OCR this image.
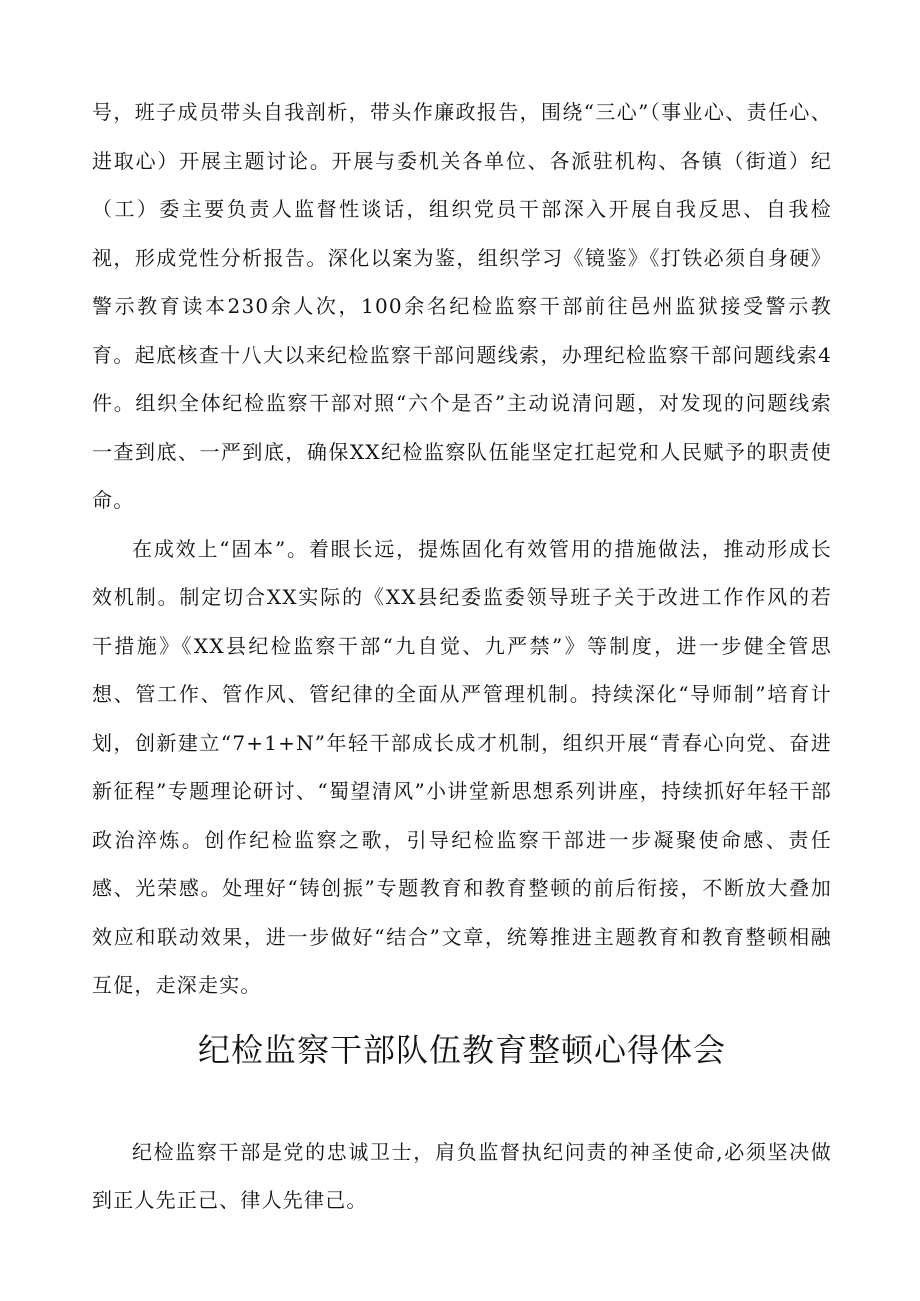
号，班子成员带头自我剖析，带头作廉政报告，围绕“三心”（事业心、责任心、进取心）开展主题讨论。开展与委机关各单位、各派驻机构、各镇（街道）纪（工）委主要负责人监督性谈话，组织党员干部深入开展自我反思、自我检视，形成党性分析报告。深化以案为鉴，组织学习《镜鉴》《打铁必须自身硬》警示教育读本230余人次，100余名纪检监察干部前往邑州监狱接受警示教育。起底核查十八大以来纪检监察干部问题线索，办理纪检监察干部问题线索4件。组织全体纪检监察干部对照“六个是否”主动说清问题，对发现的问题线索一查到底、一严到底，确保XX纪检监察队伍能坚定扛起党和人民赋予的职责使命。

在成效上“固本”。着眼长远，提炼固化有效管用的措施做法，推动形成长效机制。制定切合XX实际的《XX县纪委监委领导班子关于改进工作作风的若干措施》《XX县纪检监察干部“九自觉、九严禁”》等制度，进一步健全管思想、管工作、管作风、管纪律的全面从严管理机制。持续深化“导师制”培育计划，创新建立“7+1+N”年轻干部成长成才机制，组织开展“青春心向党、奋进新征程”专题理论研讨、“蜀望清风”小讲堂新思想系列讲座，持续抓好年轻干部政治淬炼。创作纪检监察之歌，引导纪检监察干部进一步凝聚使命感、责任感、光荣感。处理好“铸创振”专题教育和教育整顿的前后衔接，不断放大叠加效应和联动效果，进一步做好“结合”文章，统筹推进主题教育和教育整顿相融互促，走深走实。

纪检监察干部队伍教育整顿心得体会

纪检监察干部是党的忠诚卫士，肩负监督执纪问责的神圣使命,必须坚决做到正人先正己、律人先律己。
